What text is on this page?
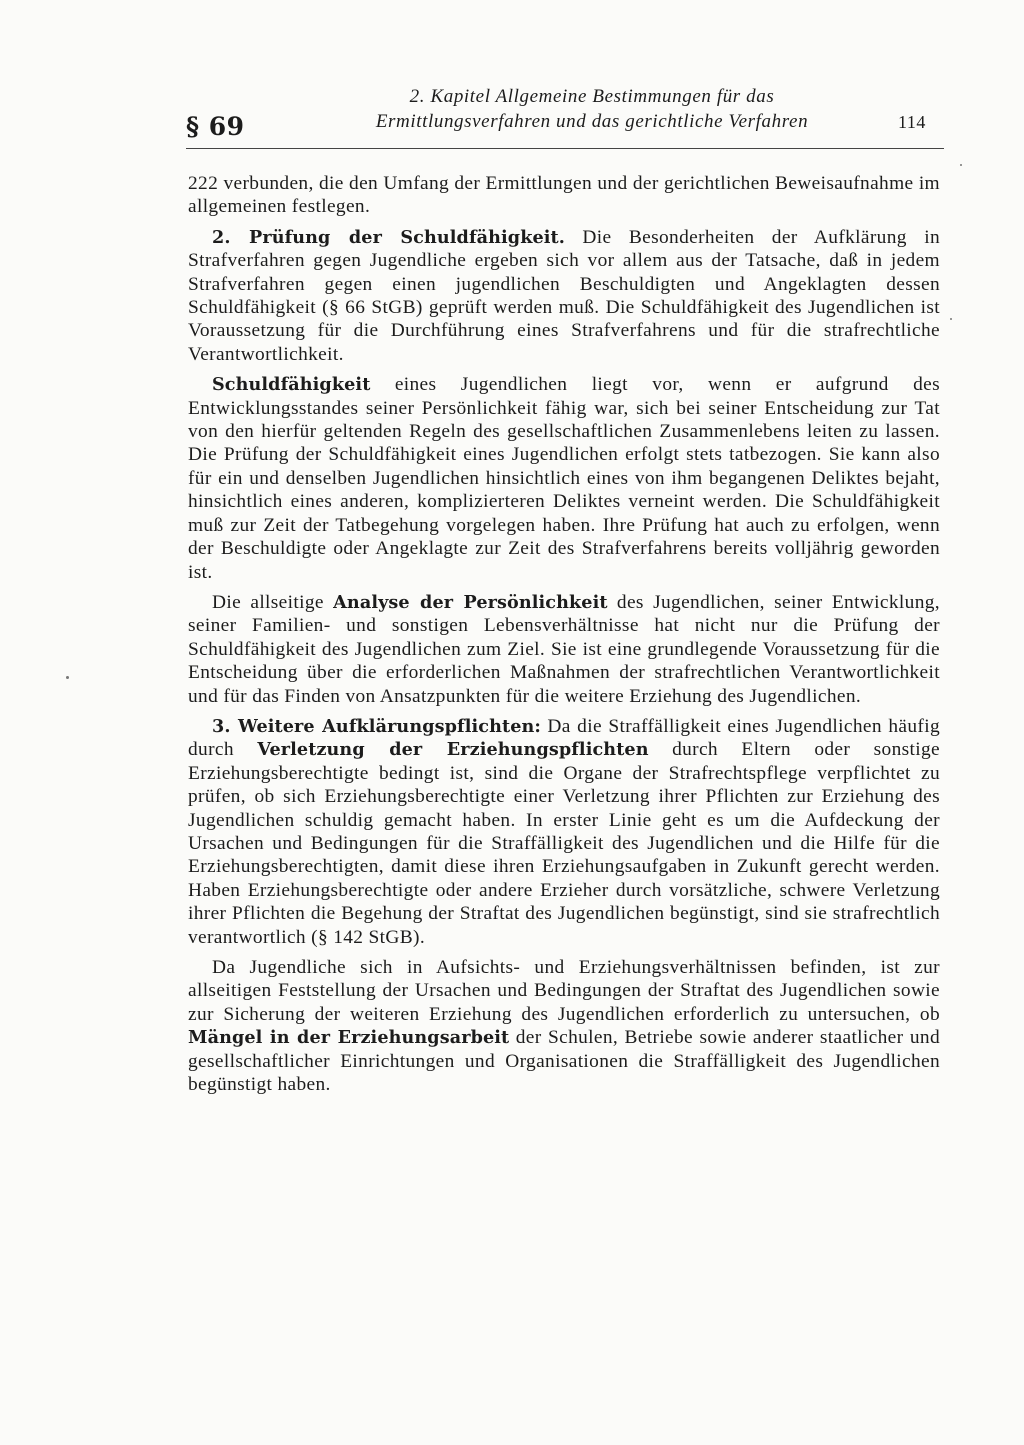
§ 69
2. Kapitel Allgemeine Bestimmungen für das
Ermittlungsverfahren und das gerichtliche Verfahren	114

222 verbunden, die den Umfang der Ermittlungen und der gerichtlichen Beweisaufnahme im allgemeinen festlegen.

2. Prüfung der Schuldfähigkeit. Die Besonderheiten der Aufklärung in Strafverfahren gegen Jugendliche ergeben sich vor allem aus der Tatsache, daß in jedem Strafverfahren gegen einen jugendlichen Beschuldigten und Angeklagten dessen Schuldfähigkeit (§ 66 StGB) geprüft werden muß. Die Schuldfähigkeit des Jugendlichen ist Voraussetzung für die Durchführung eines Strafverfahrens und für die strafrechtliche Verantwortlichkeit.

Schuldfähigkeit eines Jugendlichen liegt vor, wenn er aufgrund des Entwicklungsstandes seiner Persönlichkeit fähig war, sich bei seiner Entscheidung zur Tat von den hierfür geltenden Regeln des gesellschaftlichen Zusammenlebens leiten zu lassen. Die Prüfung der Schuldfähigkeit eines Jugendlichen erfolgt stets tatbezogen. Sie kann also für ein und denselben Jugendlichen hinsichtlich eines von ihm begangenen Deliktes bejaht, hinsichtlich eines anderen, komplizierteren Deliktes verneint werden. Die Schuldfähigkeit muß zur Zeit der Tatbegehung vorgelegen haben. Ihre Prüfung hat auch zu erfolgen, wenn der Beschuldigte oder Angeklagte zur Zeit des Strafverfahrens bereits volljährig geworden ist.

Die allseitige Analyse der Persönlichkeit des Jugendlichen, seiner Entwicklung, seiner Familien- und sonstigen Lebensverhältnisse hat nicht nur die Prüfung der Schuldfähigkeit des Jugendlichen zum Ziel. Sie ist eine grundlegende Voraussetzung für die Entscheidung über die erforderlichen Maßnahmen der strafrechtlichen Verantwortlichkeit und für das Finden von Ansatzpunkten für die weitere Erziehung des Jugendlichen.

3. Weitere Aufklärungspflichten: Da die Straffälligkeit eines Jugendlichen häufig durch Verletzung der Erziehungspflichten durch Eltern oder sonstige Erziehungsberechtigte bedingt ist, sind die Organe der Strafrechtspflege verpflichtet zu prüfen, ob sich Erziehungsberechtigte einer Verletzung ihrer Pflichten zur Erziehung des Jugendlichen schuldig gemacht haben. In erster Linie geht es um die Aufdeckung der Ursachen und Bedingungen für die Straffälligkeit des Jugendlichen und die Hilfe für die Erziehungsberechtigten, damit diese ihren Erziehungsaufgaben in Zukunft gerecht werden. Haben Erziehungsberechtigte oder andere Erzieher durch vorsätzliche, schwere Verletzung ihrer Pflichten die Begehung der Straftat des Jugendlichen begünstigt, sind sie strafrechtlich verantwortlich (§ 142 StGB).

Da Jugendliche sich in Aufsichts- und Erziehungsverhältnissen befinden, ist zur allseitigen Feststellung der Ursachen und Bedingungen der Straftat des Jugendlichen sowie zur Sicherung der weiteren Erziehung des Jugendlichen erforderlich zu untersuchen, ob Mängel in der Erziehungsarbeit der Schulen, Betriebe sowie anderer staatlicher und gesellschaftlicher Einrichtungen und Organisationen die Straffälligkeit des Jugendlichen begünstigt haben.
